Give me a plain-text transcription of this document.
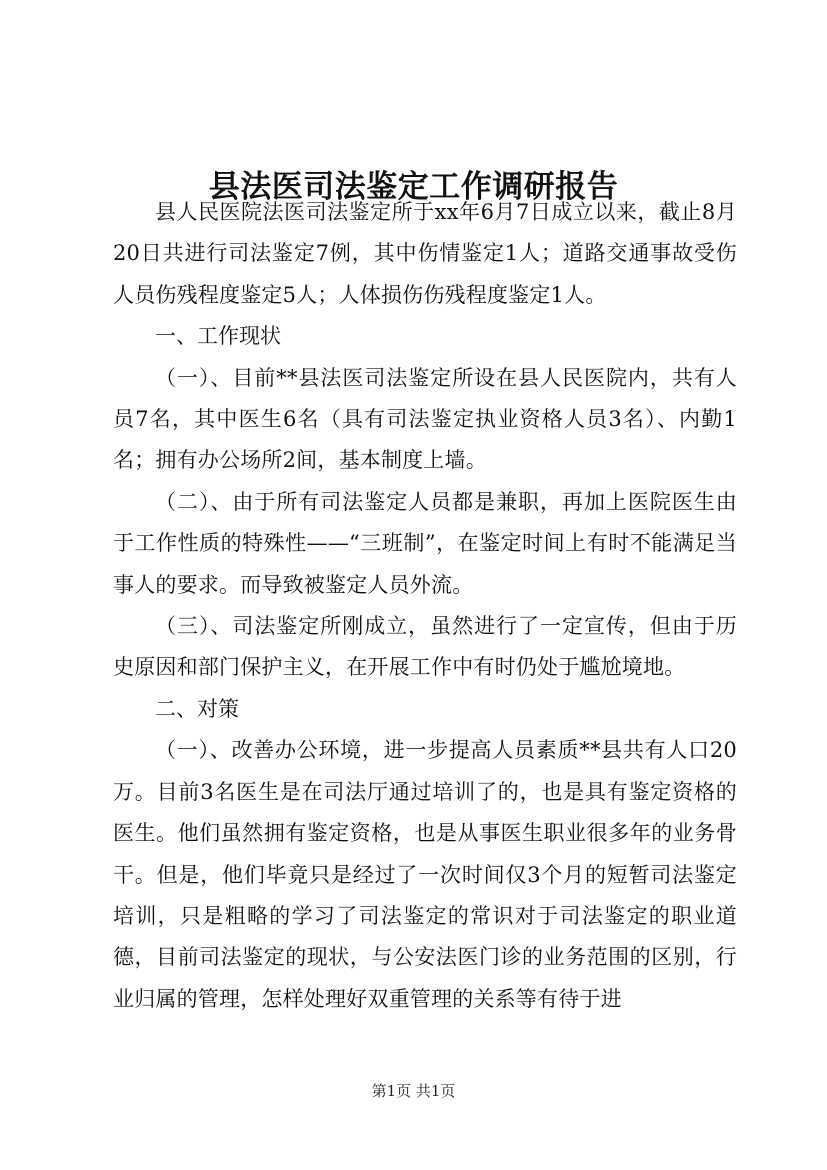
县法医司法鉴定工作调研报告

县人民医院法医司法鉴定所于xx年6月7日成立以来，截止8月20日共进行司法鉴定7例，其中伤情鉴定1人；道路交通事故受伤人员伤残程度鉴定5人；人体损伤伤残程度鉴定1人。

一、工作现状

（一）、目前**县法医司法鉴定所设在县人民医院内，共有人员7名，其中医生6名（具有司法鉴定执业资格人员3名）、内勤1名；拥有办公场所2间，基本制度上墙。

（二）、由于所有司法鉴定人员都是兼职，再加上医院医生由于工作性质的特殊性——“三班制”，在鉴定时间上有时不能满足当事人的要求。而导致被鉴定人员外流。

（三）、司法鉴定所刚成立，虽然进行了一定宣传，但由于历史原因和部门保护主义，在开展工作中有时仍处于尴尬境地。

二、对策

（一）、改善办公环境，进一步提高人员素质**县共有人口20万。目前3名医生是在司法厅通过培训了的，也是具有鉴定资格的医生。他们虽然拥有鉴定资格，也是从事医生职业很多年的业务骨干。但是，他们毕竟只是经过了一次时间仅3个月的短暂司法鉴定培训，只是粗略的学习了司法鉴定的常识对于司法鉴定的职业道德，目前司法鉴定的现状，与公安法医门诊的业务范围的区别，行业归属的管理，怎样处理好双重管理的关系等有待于进

第1页 共1页
